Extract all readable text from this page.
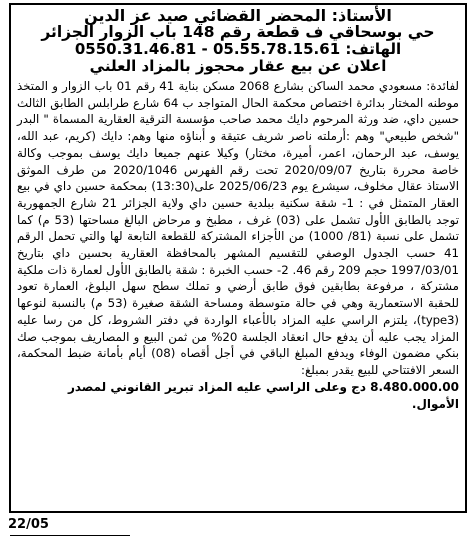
الأستاذ: المحضر القضائي صيد عز الدين
حي بوسحاقي ف قطعة رقم 148 باب الزوار الجزائر
الهاتف: 05.55.78.15.61 - 0550.31.46.81
اعلان عن بيع عقار محجوز بالمزاد العلني

لفائدة: مسعودي محمد الساكن بشارع 2068 مسكن بناية 41 رقم 01 باب الزوار و المتخذ موطنه المختار بدائرة اختصاص محكمة الحال المتواجد ب 64 شارع طرابلس الطابق الثالث حسين داي، ضد ورثة المرحوم دايك محمد صاحب مؤسسة الترقية العقارية المسماة " البدر "شخص طبيعي" وهم :أرملته ناصر شريف عتيقة و أبناؤه منها وهم: دايك (كريم، عبد الله، يوسف، عبد الرحمان، اعمر، أميرة، مختار) وكيلا عنهم جميعا دايك يوسف بموجب وكالة خاصة محررة بتاريخ 2020/09/07 تحت رقم الفهرس 2020/1046 من طرف الموثق الاستاذ عقال مخلوف، سيشرع يوم 2025/06/23 على(13:30) بمحكمة حسين داي في بيع العقار المتمثل في : 1- شقة سكنية ببلدية حسين داي ولاية الجزائر 21 شارع الجمهورية توجد بالطابق الأول تشمل على (03) غرف ، مطبخ و مرحاض البالغ مساحتها (53 م) كما تشمل على نسبة (81/ 1000) من الأجزاء المشتركة للقطعة التابعة لها والتي تحمل الرقم 41 حسب الجدول الوصفي للتقسيم المشهر بالمحافظة العقارية بحسين داي بتاريخ 1997/03/01 حجم 209 رقم 46. 2- حسب الخبرة : شقة بالطابق الأول لعمارة ذات ملكية مشتركة ، مرفوعة بطابقين فوق طابق أرضي و تملك سطح سهل البلوغ، العمارة تعود للحقبة الاستعمارية وهي في حالة متوسطة ومساحة الشقة صغيرة (53 م) بالنسبة لنوعها (type3)، يلتزم الراسي عليه المزاد بالأعباء الواردة في دفتر الشروط، كل من رسا عليه المزاد يجب عليه أن يدفع حال انعقاد الجلسة 20% من ثمن البيع و المصاريف بموجب صك بنكي مضمون الوفاء ويدفع المبلغ الباقي في أجل أقصاه (08) أيام بأمانة ضبط المحكمة، السعر الافتتاحي للبيع يقدر بمبلغ:

8.480.000.00 دج وعلى الراسي عليه المزاد تبرير القانوني لمصدر الأموال.

22/05
